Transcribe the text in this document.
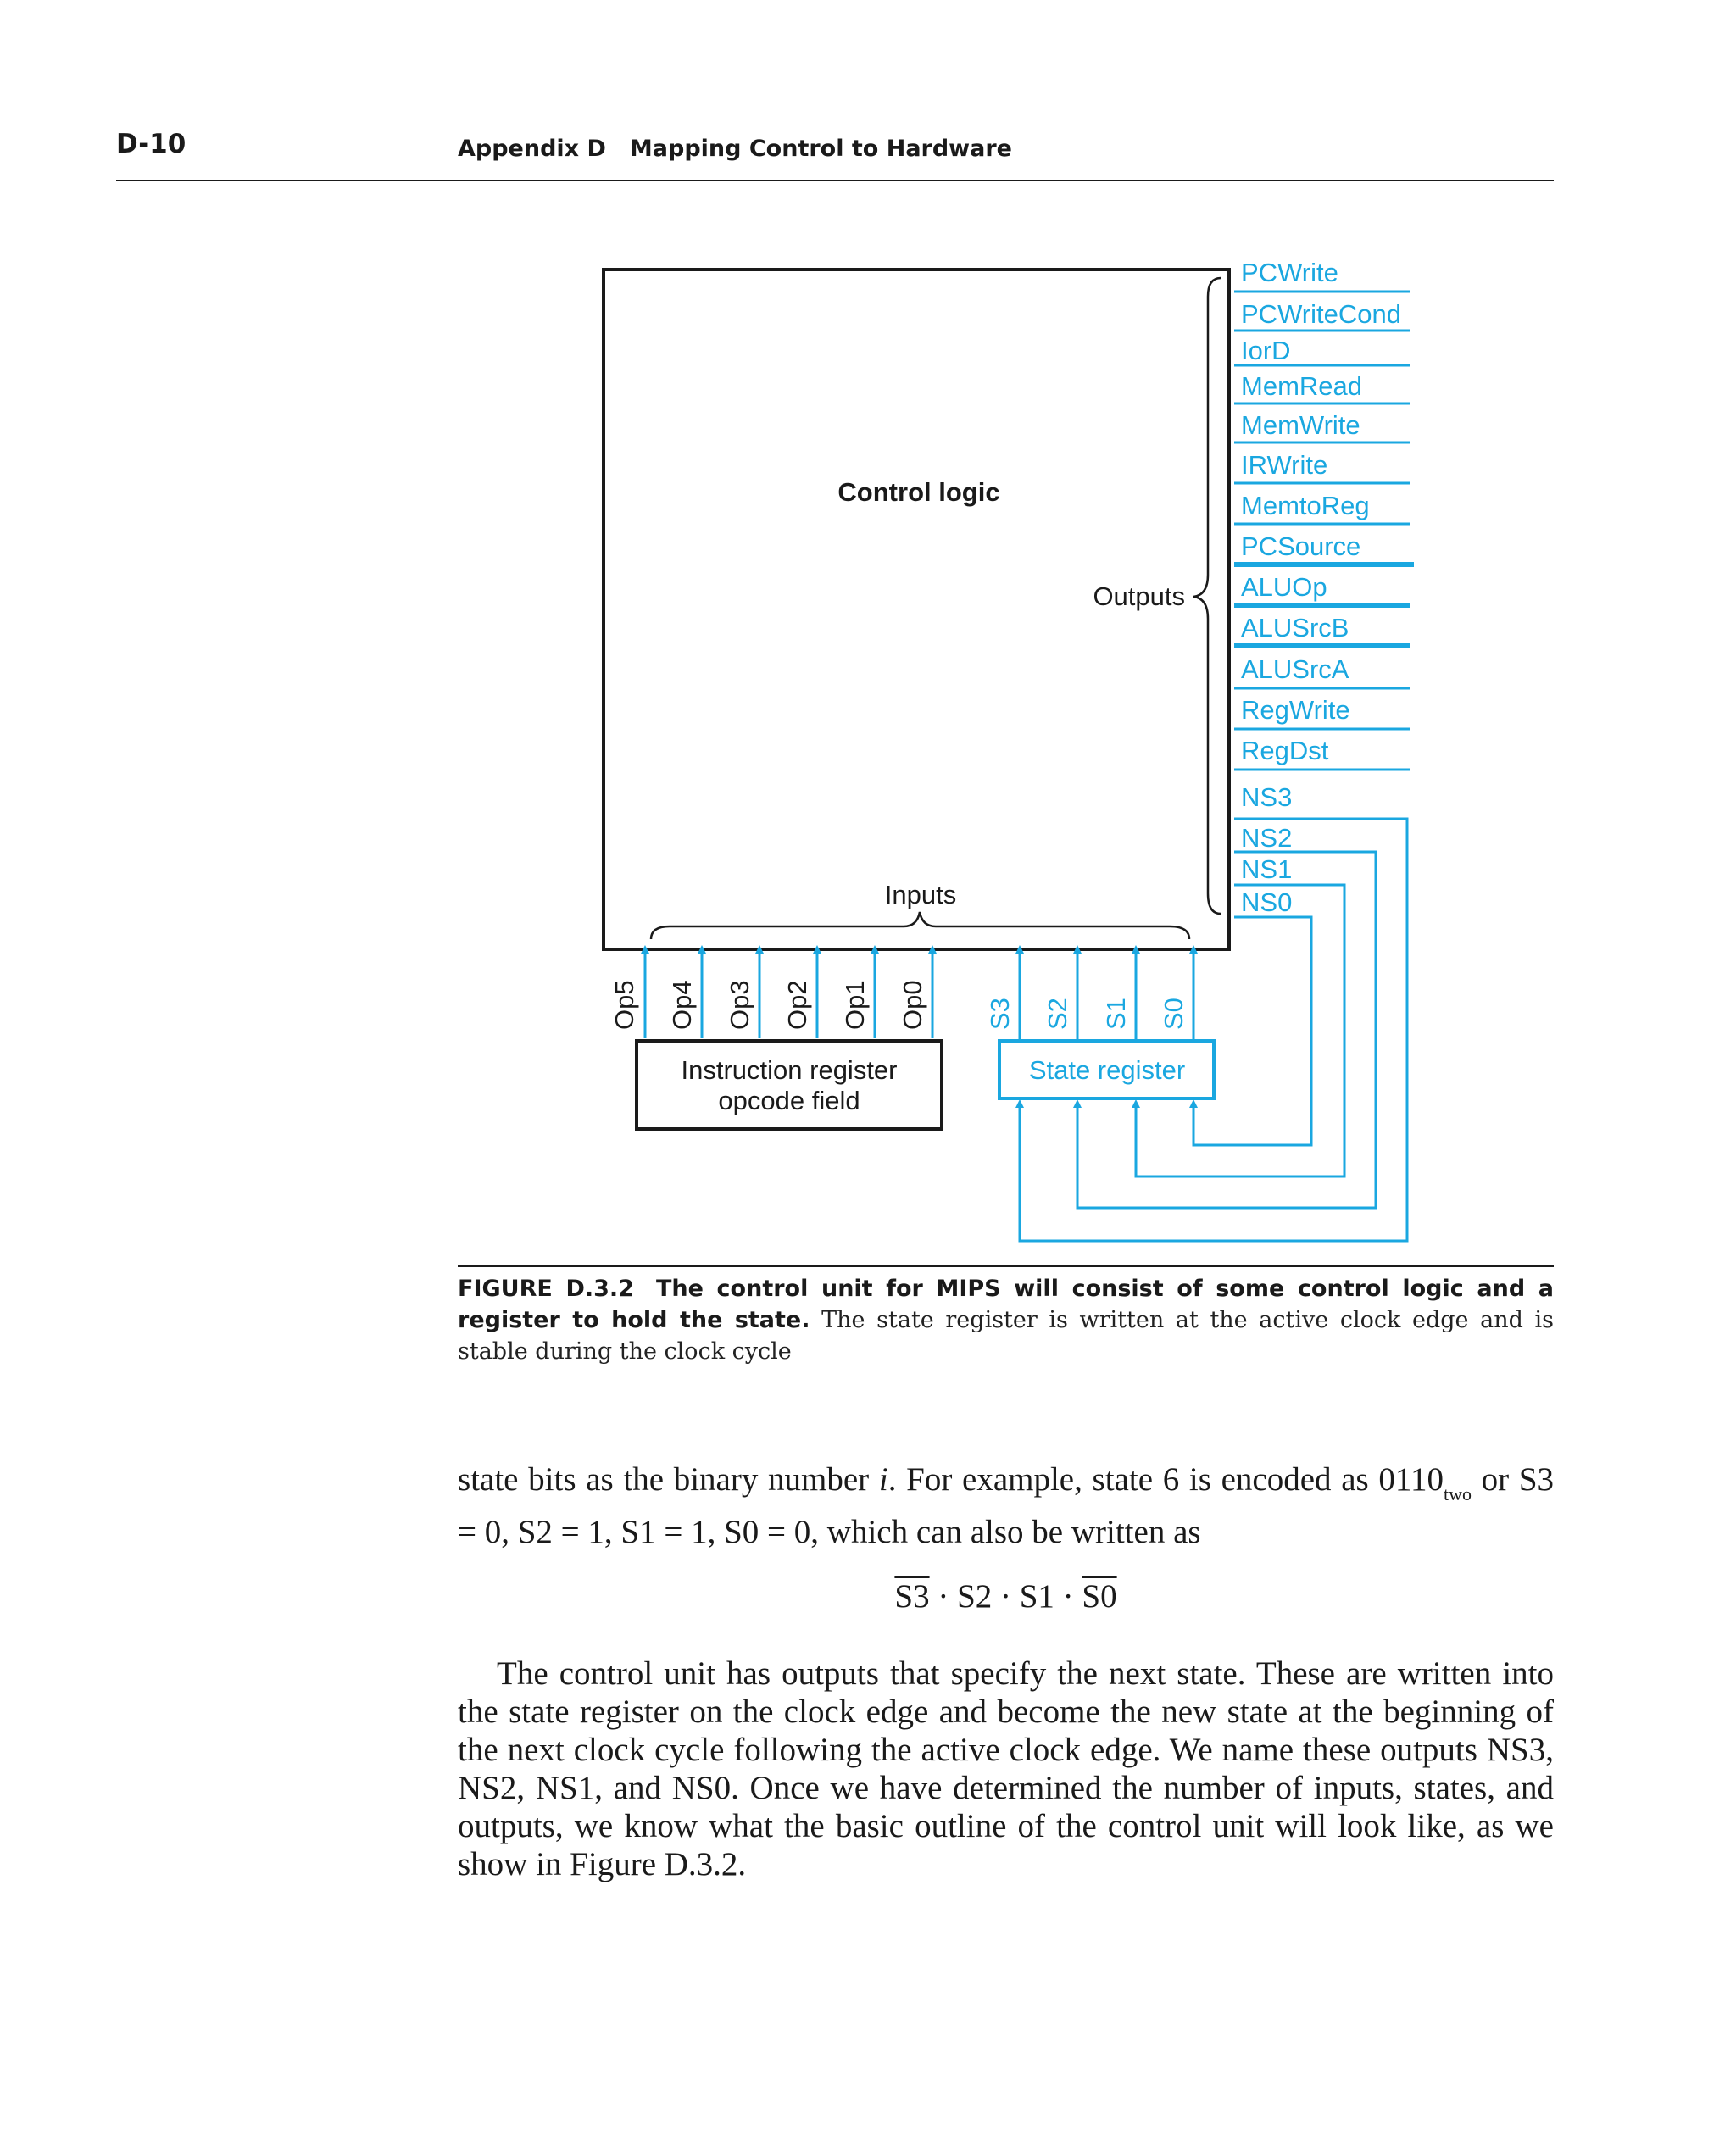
D-10	Appendix D Mapping Control to Hardware
Control logic
Outputs
Inputs
PCWrite
PCWriteCond
IorD
MemRead
MemWrite
IRWrite
MemtoReg
PCSource
ALUOp
ALUSrcB
ALUSrcA
RegWrite
RegDst
NS3
NS2
NS1
NS0
Op5 Op4 Op3 Op2 Op1 Op0 S3 S2 S1 S0
Instruction register
opcode field
State register
FIGURE D.3.2 The control unit for MIPS will consist of some control logic and a register to hold the state. The state register is written at the active clock edge and is stable during the clock cycle
state bits as the binary number i. For example, state 6 is encoded as $0110_{two}$ or S3 = 0, S2 = 1, S1 = 1, S0 = 0, which can also be written as
S3 · S2 · S1 · S0
The control unit has outputs that specify the next state. These are written into the state register on the clock edge and become the new state at the beginning of the next clock cycle following the active clock edge. We name these outputs NS3, NS2, NS1, and NS0. Once we have determined the number of inputs, states, and outputs, we know what the basic outline of the control unit will look like, as we show in Figure D.3.2.
